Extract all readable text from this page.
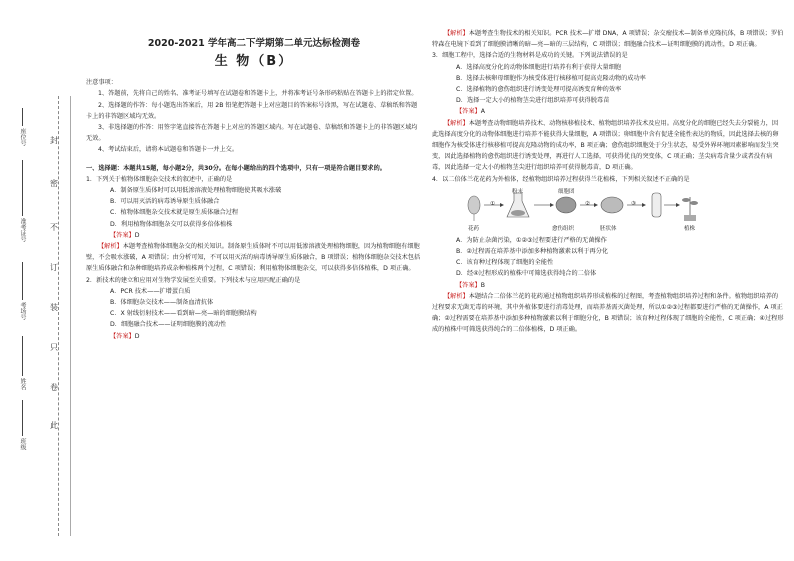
封
密
不
订
装
只
卷
此
座位号
准考证号
考场号
姓名
班级
2020-2021 学年高二下学期第二单元达标检测卷
生 物（B）

注意事项：

1、答题前，先将自己的姓名、准考证号填写在试题卷和答题卡上，并将准考证号条形码粘贴在答题卡上的指定位置。

2、选择题的作答：每小题选出答案后，用 2B 铅笔把答题卡上对应题目的答案标号涂黑，写在试题卷、草稿纸和答题卡上的非答题区域均无效。

3、非选择题的作答：用签字笔直接答在答题卡上对应的答题区域内。写在试题卷、草稿纸和答题卡上的非答题区域均无效。

4、考试结束后，请将本试题卷和答题卡一并上交。

一、选择题：本题共15题，每小题2分，共30分。在每小题给出的四个选项中，只有一项是符合题目要求的。

1．下列关于植物体细胞杂交技术的叙述中，正确的是

A．制备原生质体时可以用低渗溶液处理植物细胞使其吸水涨破

B．可以用灭活的病毒诱导原生质体融合

C．植物体细胞杂交技术就是原生质体融合过程

D．利用植物体细胞杂交可以获得多倍体植株

【答案】D

【解析】本题考查植物体细胞杂交的相关知识。制备原生质体时不可以用低渗溶液处理植物细胞，因为植物细胞有细胞壁，不会吸水涨破，A 项错误；由分析可知，不可以用灭活的病毒诱导原生质体融合，B 项错误；植物体细胞杂交技术包括原生质体融合和杂种细胞培养成杂种植株两个过程，C 项错误；利用植物体细胞杂交，可以获得多倍体植株，D 项正确。

2．新技术的建立和应用对生物学发展至关重要。下列技术与应用匹配正确的是

A．PCR 技术——扩增蛋白质

B．体细胞杂交技术——制备血清抗体

C．X 射线衍射技术——看到暗—亮—暗的细胞膜结构

D．细胞融合技术——证明细胞膜的流动性

【答案】D

【解析】本题考查生物技术的相关知识。PCR 技术—扩增 DNA，A 项错误；杂交瘤技术—制备单克隆抗体，B 项错误；罗伯特森在电镜下看到了细胞膜清晰的暗—亮—暗的三层结构，C 项错误；细胞融合技术—证明细胞膜的流动性，D 项正确。

3．细胞工程中，选择合适的生物材料是成功的关键。下列说法错误的是

A．选择高度分化的动物体细胞进行培养有利于获得大量细胞

B．选择去核卵母细胞作为核受体进行核移植可提高克隆动物的成功率

C．选择植物的愈伤组织进行诱变处理可提高诱变育种的效率

D．选择一定大小的植物茎尖进行组织培养可获得脱毒苗

【答案】A

【解析】本题考查动物细胞培养技术、动物核移植技术、植物组织培养技术及应用。高度分化的细胞已经失去分裂能力，因此选择高度分化的动物体细胞进行培养不能获得大量细胞，A 项错误；卵细胞中含有促进全能性表达的物质，因此选择去核的卵细胞作为核受体进行核移植可提高克隆动物的成功率，B 项正确；愈伤组织细胞处于分生状态，易受外界环境因素影响而发生突变，因此选择植物的愈伤组织进行诱变处理，再进行人工选择，可获得优良的突变体，C 项正确；茎尖病毒含量少或者没有病毒，因此选择一定大小的植物茎尖进行组织培养可获得脱毒苗，D 项正确。

4．以二倍体兰花花药为外植体，经植物组织培养过程获得兰花植株，下列相关叙述不正确的是

花药
①
愈伤组织
②
胚状体
③
植株
粉末	细胞团

A．为防止杂菌污染，①②③过程要进行严格的无菌操作

B．②过程需在培养基中添加多种植物激素以利于再分化

C．该育种过程体现了细胞的全能性

D．经④过程形成的植株中可筛选获得纯合的二倍体

【答案】B

【解析】本题结合二倍体兰花的花药通过植物组织培养形成植株的过程图，考查植物组织培养过程和条件。植物组织培养的过程要求无菌无毒的环境，其中外植体要进行消毒处理，而培养基需灭菌处理，所以①②③过程都要进行严格的无菌操作，A 项正确；②过程需要在培养基中添加多种植物激素以利于细胞分化，B 项错误；该育种过程体现了细胞的全能性，C 项正确；④过程形成的植株中可筛选获得纯合的二倍体植株，D 项正确。
